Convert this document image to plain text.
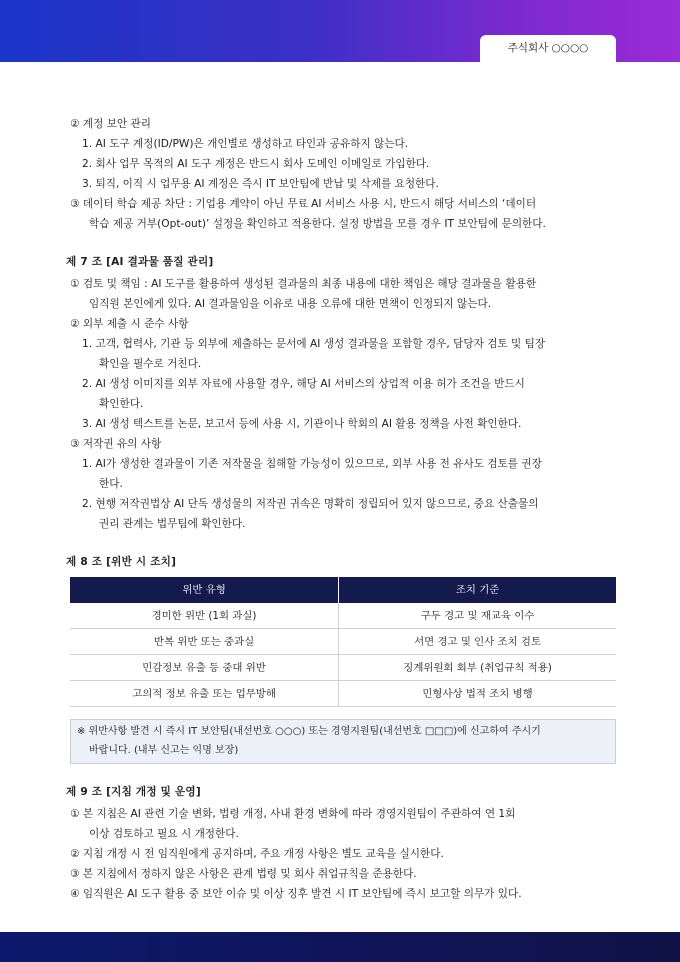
주식회사 ○○○○
② 계정 보안 관리
1. AI 도구 계정(ID/PW)은 개인별로 생성하고 타인과 공유하지 않는다.
2. 회사 업무 목적의 AI 도구 계정은 반드시 회사 도메인 이메일로 가입한다.
3. 퇴직, 이직 시 업무용 AI 계정은 즉시 IT 보안팀에 반납 및 삭제를 요청한다.
③ 데이터 학습 제공 차단 : 기업용 계약이 아닌 무료 AI 서비스 사용 시, 반드시 해당 서비스의 ‘데이터
학습 제공 거부(Opt-out)’ 설정을 확인하고 적용한다. 설정 방법을 모를 경우 IT 보안팀에 문의한다.
제 7 조 [AI 결과물 품질 관리]
① 검토 및 책임 : AI 도구를 활용하여 생성된 결과물의 최종 내용에 대한 책임은 해당 결과물을 활용한
임직원 본인에게 있다. AI 결과물임을 이유로 내용 오류에 대한 면책이 인정되지 않는다.
② 외부 제출 시 준수 사항
1. 고객, 협력사, 기관 등 외부에 제출하는 문서에 AI 생성 결과물을 포함할 경우, 담당자 검토 및 팀장
확인을 필수로 거친다.
2. AI 생성 이미지를 외부 자료에 사용할 경우, 해당 AI 서비스의 상업적 이용 허가 조건을 반드시
확인한다.
3. AI 생성 텍스트를 논문, 보고서 등에 사용 시, 기관이나 학회의 AI 활용 정책을 사전 확인한다.
③ 저작권 유의 사항
1. AI가 생성한 결과물이 기존 저작물을 침해할 가능성이 있으므로, 외부 사용 전 유사도 검토를 권장
한다.
2. 현행 저작권법상 AI 단독 생성물의 저작권 귀속은 명확히 정립되어 있지 않으므로, 중요 산출물의
권리 관계는 법무팀에 확인한다.
제 8 조 [위반 시 조치]
위반 유형	조치 기준
경미한 위반 (1회 과실)	구두 경고 및 재교육 이수
반복 위반 또는 중과실	서면 경고 및 인사 조치 검토
민감정보 유출 등 중대 위반	징계위원회 회부 (취업규칙 적용)
고의적 정보 유출 또는 업무방해	민형사상 법적 조치 병행
※ 위반사항 발견 시 즉시 IT 보안팀(내선번호 ○○○) 또는 경영지원팀(내선번호 □□□)에 신고하여 주시기
바랍니다. (내부 신고는 익명 보장)
제 9 조 [지침 개정 및 운영]
① 본 지침은 AI 관련 기술 변화, 법령 개정, 사내 환경 변화에 따라 경영지원팀이 주관하여 연 1회
이상 검토하고 필요 시 개정한다.
② 지침 개정 시 전 임직원에게 공지하며, 주요 개정 사항은 별도 교육을 실시한다.
③ 본 지침에서 정하지 않은 사항은 관계 법령 및 회사 취업규칙을 준용한다.
④ 임직원은 AI 도구 활용 중 보안 이슈 및 이상 징후 발견 시 IT 보안팀에 즉시 보고할 의무가 있다.
